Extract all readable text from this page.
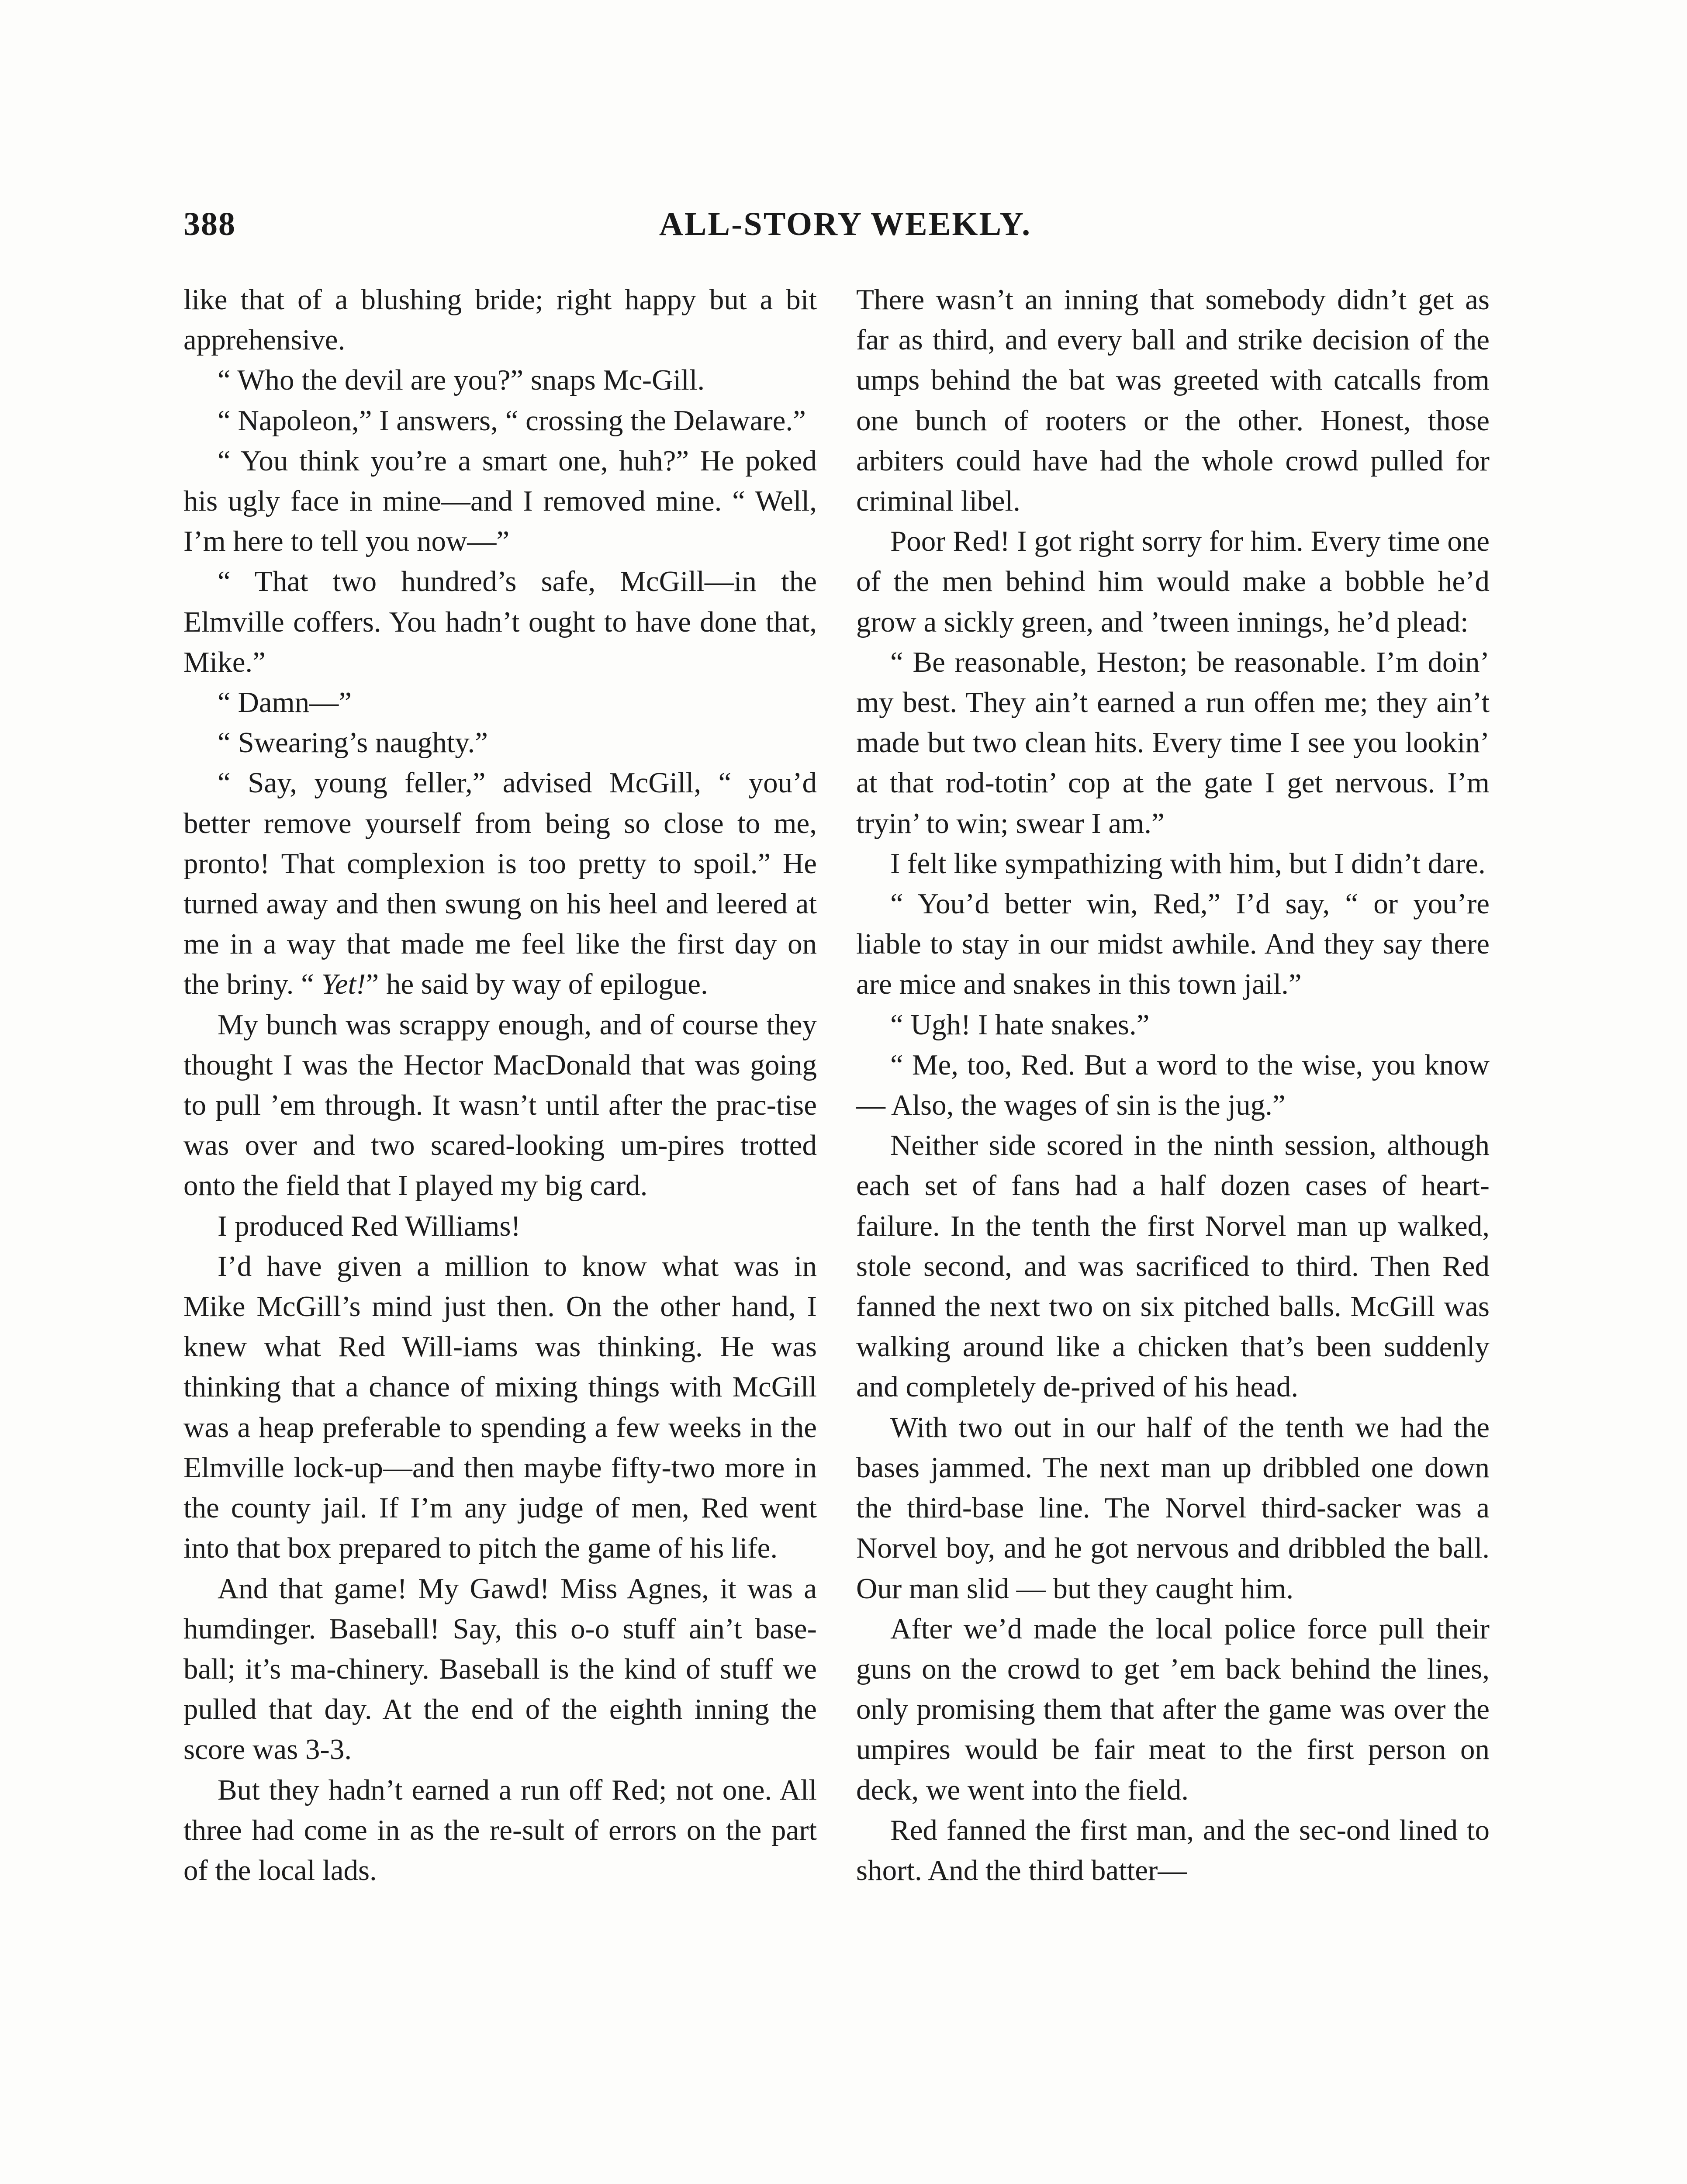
388	ALL-STORY WEEKLY.

like that of a blushing bride; right happy but a bit apprehensive.

“ Who the devil are you?” snaps Mc-Gill.

“ Napoleon,” I answers, “ crossing the Delaware.”

“ You think you’re a smart one, huh?” He poked his ugly face in mine—and I removed mine. “ Well, I’m here to tell you now—”

“ That two hundred’s safe, McGill—in the Elmville coffers. You hadn’t ought to have done that, Mike.”

“ Damn—”

“ Swearing’s naughty.”

“ Say, young feller,” advised McGill, “ you’d better remove yourself from being so close to me, pronto! That complexion is too pretty to spoil.” He turned away and then swung on his heel and leered at me in a way that made me feel like the first day on the briny. “ Yet!” he said by way of epilogue.

My bunch was scrappy enough, and of course they thought I was the Hector MacDonald that was going to pull ’em through. It wasn’t until after the prac-tise was over and two scared-looking um-pires trotted onto the field that I played my big card.

I produced Red Williams!

I’d have given a million to know what was in Mike McGill’s mind just then. On the other hand, I knew what Red Will-iams was thinking. He was thinking that a chance of mixing things with McGill was a heap preferable to spending a few weeks in the Elmville lock-up—and then maybe fifty-two more in the county jail. If I’m any judge of men, Red went into that box prepared to pitch the game of his life.

And that game! My Gawd! Miss Agnes, it was a humdinger. Baseball! Say, this o-o stuff ain’t base-ball; it’s ma-chinery. Baseball is the kind of stuff we pulled that day. At the end of the eighth inning the score was 3-3.

But they hadn’t earned a run off Red; not one. All three had come in as the re-sult of errors on the part of the local lads.

There wasn’t an inning that somebody didn’t get as far as third, and every ball and strike decision of the umps behind the bat was greeted with catcalls from one bunch of rooters or the other. Honest, those arbiters could have had the whole crowd pulled for criminal libel.

Poor Red! I got right sorry for him. Every time one of the men behind him would make a bobble he’d grow a sickly green, and ’tween innings, he’d plead:

“ Be reasonable, Heston; be reasonable. I’m doin’ my best. They ain’t earned a run offen me; they ain’t made but two clean hits. Every time I see you lookin’ at that rod-totin’ cop at the gate I get nervous. I’m tryin’ to win; swear I am.”

I felt like sympathizing with him, but I didn’t dare.

“ You’d better win, Red,” I’d say, “ or you’re liable to stay in our midst awhile. And they say there are mice and snakes in this town jail.”

“ Ugh! I hate snakes.”

“ Me, too, Red. But a word to the wise, you know— Also, the wages of sin is the jug.”

Neither side scored in the ninth session, although each set of fans had a half dozen cases of heart-failure. In the tenth the first Norvel man up walked, stole second, and was sacrificed to third. Then Red fanned the next two on six pitched balls. McGill was walking around like a chicken that’s been suddenly and completely de-prived of his head.

With two out in our half of the tenth we had the bases jammed. The next man up dribbled one down the third-base line. The Norvel third-sacker was a Norvel boy, and he got nervous and dribbled the ball. Our man slid — but they caught him.

After we’d made the local police force pull their guns on the crowd to get ’em back behind the lines, only promising them that after the game was over the umpires would be fair meat to the first person on deck, we went into the field.

Red fanned the first man, and the sec-ond lined to short. And the third batter—
